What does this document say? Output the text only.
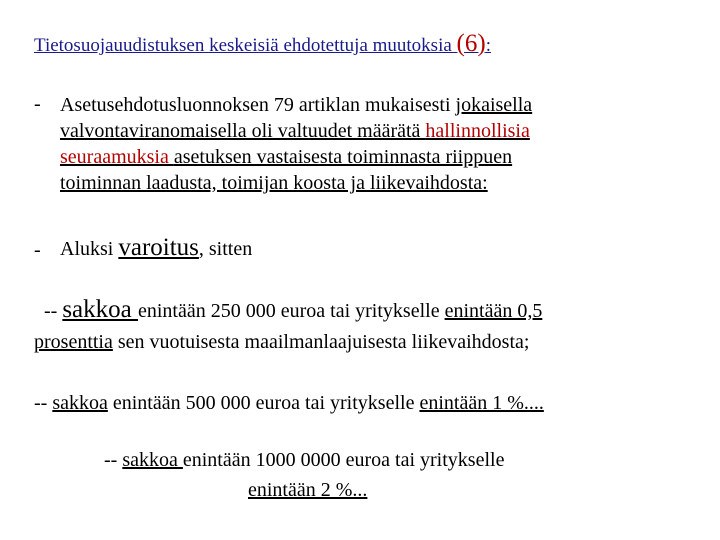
Tietosuojauudistuksen keskeisiä ehdotettuja muutoksia (6):
- Asetusehdotusluonnoksen 79 artiklan mukaisesti jokaisella
valvontaviranomaisella oli valtuudet määrätä hallinnollisia
seuraamuksia asetuksen vastaisesta toiminnasta riippuen
toiminnan laadusta, toimijan koosta ja liikevaihdosta:
- Aluksi varoitus, sitten
-- sakkoa enintään 250 000 euroa tai yritykselle enintään 0,5
prosenttia sen vuotuisesta maailmanlaajuisesta liikevaihdosta;
-- sakkoa enintään 500 000 euroa tai yritykselle enintään 1 %....
-- sakkoa enintään 1000 0000 euroa tai yritykselle
enintään 2 %...
